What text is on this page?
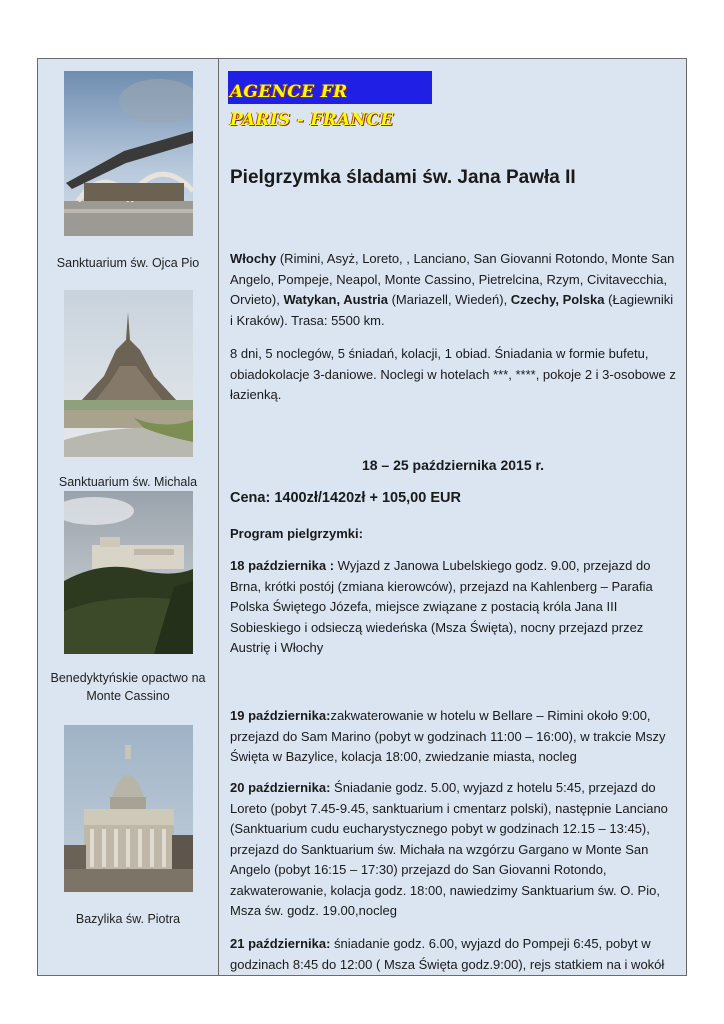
Sanktuarium św. Ojca Pio
Sanktuarium św. Michala
Benedyktyńskie opactwo na Monte Cassino
Bazylika św. Piotra
AGENCE FR
PARIS - FRANCE
Pielgrzymka śladami św. Jana Pawła II

Włochy (Rimini, Asyż, Loreto, , Lanciano, San Giovanni Rotondo, Monte San Angelo, Pompeje, Neapol, Monte Cassino, Pietrelcina, Rzym, Civitavecchia, Orvieto), Watykan, Austria (Mariazell, Wiedeń), Czechy, Polska (Łagiewniki i Kraków). Trasa: 5500 km.

8 dni, 5 noclegów, 5 śniadań, kolacji, 1 obiad. Śniadania w formie bufetu, obiadokolacje 3-daniowe. Noclegi w hotelach ***, ****, pokoje 2 i 3-osobowe z łazienką.

18 – 25 października 2015 r.
Cena: 1400zł/1420zł + 105,00 EUR
Program pielgrzymki:

18 października : Wyjazd z Janowa Lubelskiego godz. 9.00, przejazd do Brna, krótki postój (zmiana kierowców), przejazd na Kahlenberg – Parafia Polska Świętego Józefa, miejsce związane z postacią króla Jana III Sobieskiego i odsieczą wiedeńska (Msza Święta), nocny przejazd przez Austrię i Włochy

19 października:zakwaterowanie w hotelu w Bellare – Rimini około 9:00, przejazd do Sam Marino (pobyt w godzinach 11:00 – 16:00), w trakcie Mszy Święta w Bazylice, kolacja 18:00, zwiedzanie miasta, nocleg

20 października: Śniadanie godz. 5.00, wyjazd z hotelu 5:45, przejazd do Loreto (pobyt 7.45-9.45, sanktuarium i cmentarz polski), następnie Lanciano (Sanktuarium cudu eucharystycznego pobyt w godzinach 12.15 – 13:45), przejazd do Sanktuarium św. Michała na wzgórzu Gargano w Monte San Angelo (pobyt 16:15 – 17:30) przejazd do San Giovanni Rotondo, zakwaterowanie, kolacja godz. 18:00, nawiedzimy Sanktuarium św. O. Pio, Msza św. godz. 19.00,nocleg

21 października: śniadanie godz. 6.00, wyjazd do Pompeji 6:45, pobyt w godzinach 8:45 do 12:00 ( Msza Święta godz.9:00), rejs statkiem na i wokół
